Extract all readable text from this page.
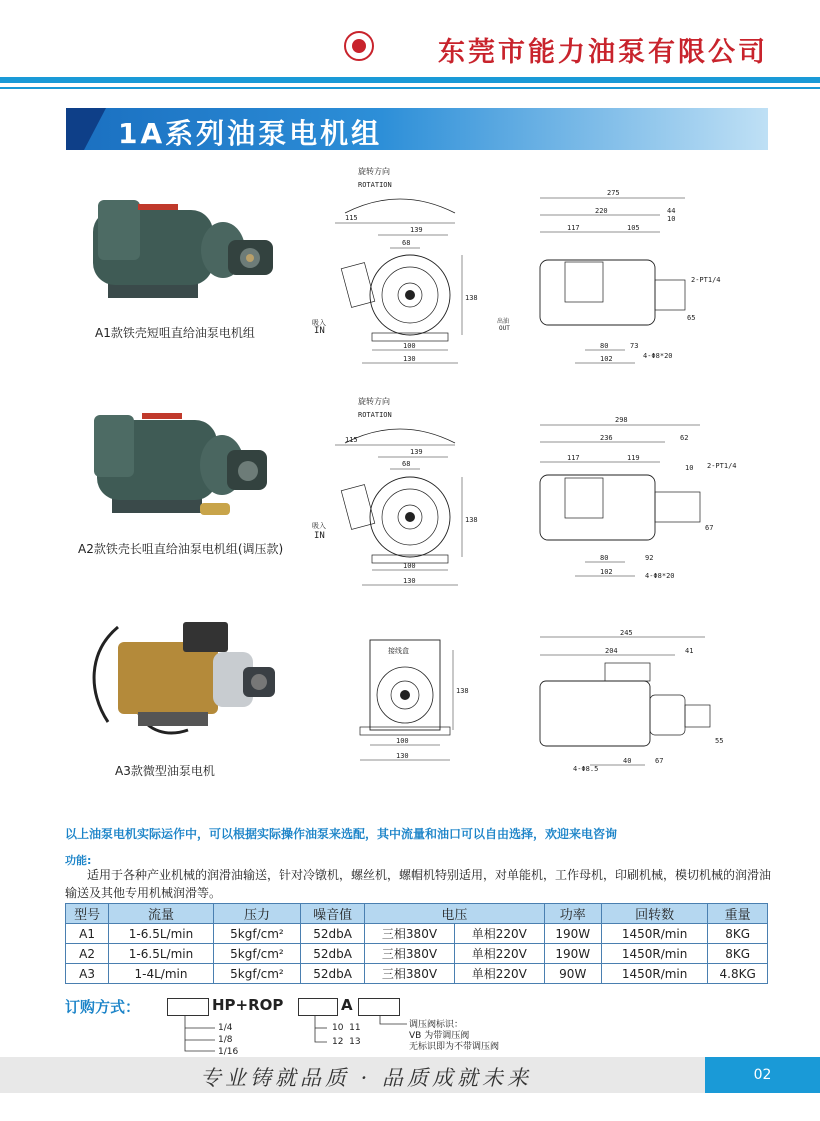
东莞市能力油泵有限公司
1A系列油泵电机组
A1款铁壳短咀直给油泵电机组
A2款铁壳长咀直给油泵电机组(调压款)
A3款微型油泵电机
旋转方向
ROTATION
115
139
68
138
吸入
IN
100
130
275
220	44
10
117	105
2-PT1/4
65
出油
OUT
80	73
102	4-Φ8*20
旋转方向
ROTATION
115
139
68
138
吸入
IN
100
130
298
236	62
117	119
10 2-PT1/4
67
80	92
102	4-Φ8*20
接线盒
138
100
130
245
204	41
55
40	67
4-Φ8.5
以上油泵电机实际运作中，可以根据实际操作油泵来选配，其中流量和油口可以自由选择，欢迎来电咨询
功能:
适用于各种产业机械的润滑油输送，针对冷镦机，螺丝机，螺帽机特别适用，对单能机，工作母机，印刷机械，模切机械的润滑油输送及其他专用机械润滑等。
型号	流量	压力	噪音值	电压		功率	回转数	重量
A1	1-6.5L/min	5kgf/cm²	52dbA	三相380V	单相220V	190W	1450R/min	8KG
A2	1-6.5L/min	5kgf/cm²	52dbA	三相380V	单相220V	190W	1450R/min	8KG
A3	1-4L/min	5kgf/cm²	52dbA	三相380V	单相220V	90W	1450R/min	4.8KG
订购方式：	HP+ROP	A
1/4
1/8
1/16
10  11
12  13
调压阀标识：
VB 为带调压阀
无标识即为不带调压阀
专业铸就品质 · 品质成就未来	02
